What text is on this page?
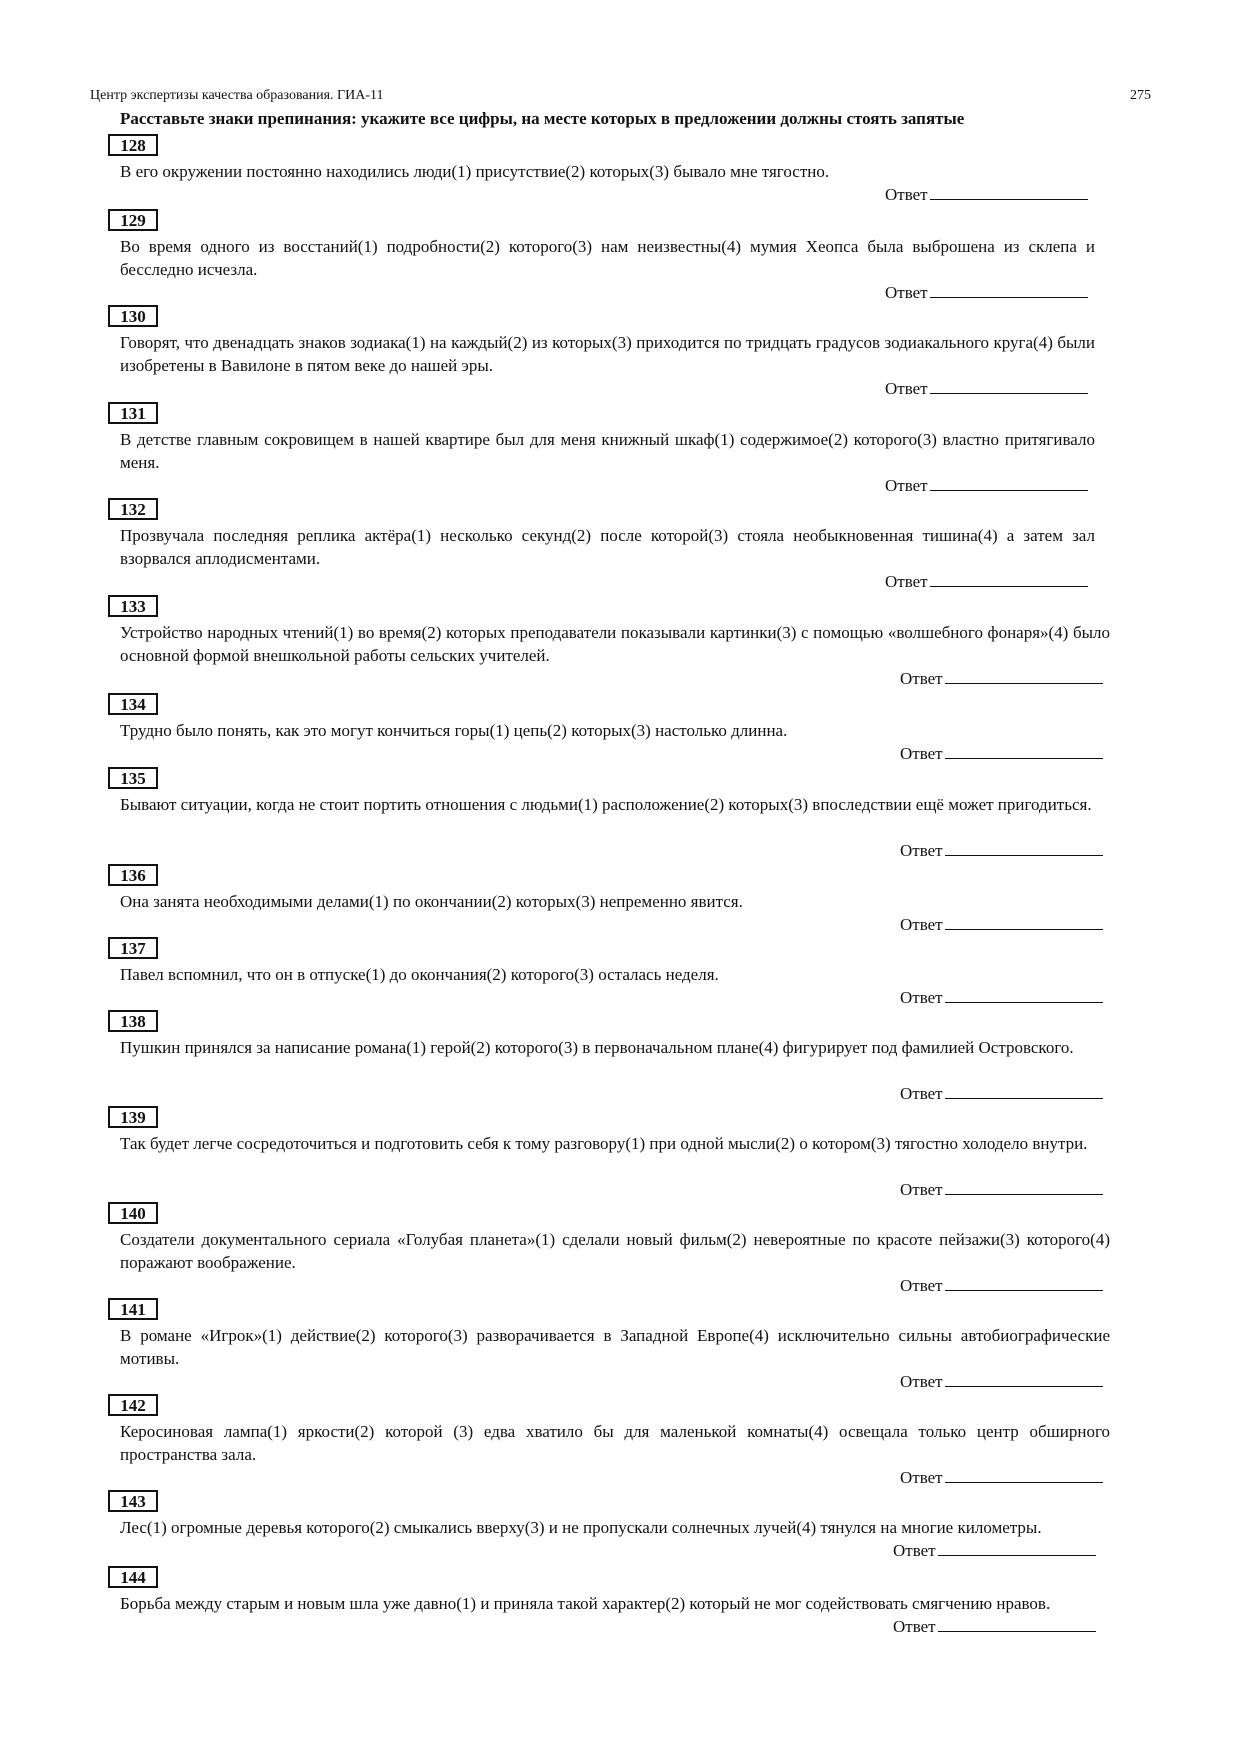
Центр экспертизы качества образования. ГИА-11	275
Расставьте знаки препинания: укажите все цифры, на месте которых в предложении должны стоять запятые
128
В его окружении постоянно находились люди(1) присутствие(2) которых(3) бывало мне тягостно.
Ответ
129
Во время одного из восстаний(1) подробности(2) которого(3) нам неизвестны(4) мумия Хеопса была выброшена из склепа и бесследно исчезла.
Ответ
130
Говорят, что двенадцать знаков зодиака(1) на каждый(2) из которых(3) приходится по тридцать градусов зодиакального круга(4) были изобретены в Вавилоне в пятом веке до нашей эры.
Ответ
131
В детстве главным сокровищем в нашей квартире был для меня книжный шкаф(1) содержимое(2) которого(3) властно притягивало меня.
Ответ
132
Прозвучала последняя реплика актёра(1) несколько секунд(2) после которой(3) стояла необыкновенная тишина(4) а затем зал взорвался аплодисментами.
Ответ
133
Устройство народных чтений(1) во время(2) которых преподаватели показывали картинки(3) с помощью «волшебного фонаря»(4) было основной формой внешкольной работы сельских учителей.
Ответ
134
Трудно было понять, как это могут кончиться горы(1) цепь(2) которых(3) настолько длинна.
Ответ
135
Бывают ситуации, когда не стоит портить отношения с людьми(1) расположение(2) которых(3) впоследствии ещё может пригодиться.
Ответ
136
Она занята необходимыми делами(1) по окончании(2) которых(3) непременно явится.
Ответ
137
Павел вспомнил, что он в отпуске(1) до окончания(2) которого(3) осталась неделя.
Ответ
138
Пушкин принялся за написание романа(1) герой(2) которого(3) в первоначальном плане(4) фигурирует под фамилией Островского.
Ответ
139
Так будет легче сосредоточиться и подготовить себя к тому разговору(1) при одной мысли(2) о котором(3) тягостно холодело внутри.
Ответ
140
Создатели документального сериала «Голубая планета»(1) сделали новый фильм(2) невероятные по красоте пейзажи(3) которого(4) поражают воображение.
Ответ
141
В романе «Игрок»(1) действие(2) которого(3) разворачивается в Западной Европе(4) исключительно сильны автобиографические мотивы.
Ответ
142
Керосиновая лампа(1) яркости(2) которой (3) едва хватило бы для маленькой комнаты(4) освещала только центр обширного пространства зала.
Ответ
143
Лес(1) огромные деревья которого(2) смыкались вверху(3) и не пропускали солнечных лучей(4) тянулся на многие километры.
Ответ
144
Борьба между старым и новым шла уже давно(1) и приняла такой характер(2) который не мог содействовать смягчению нравов.
Ответ
